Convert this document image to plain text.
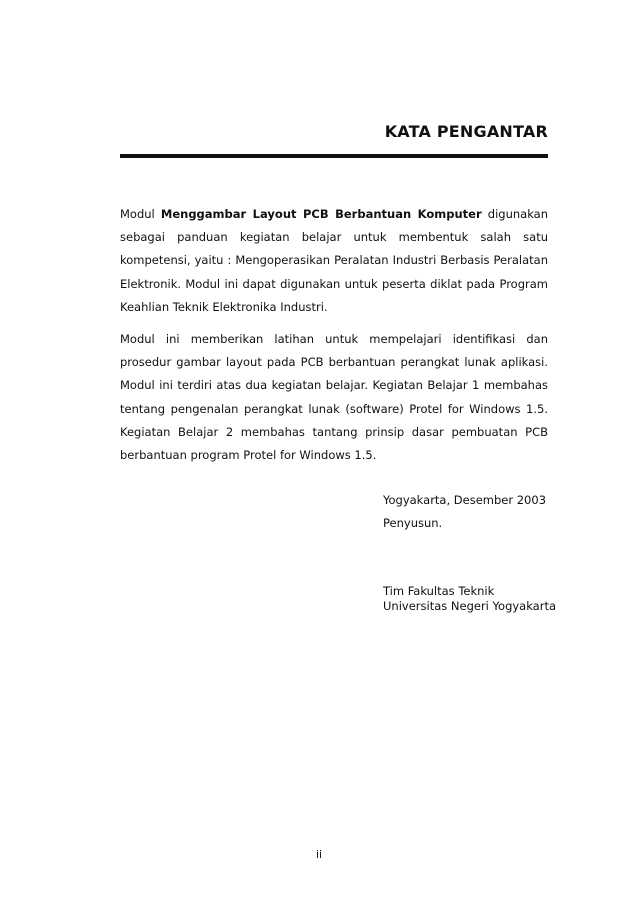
KATA PENGANTAR

Modul Menggambar Layout PCB Berbantuan Komputer digunakan sebagai panduan kegiatan belajar untuk membentuk salah satu kompetensi, yaitu : Mengoperasikan Peralatan Industri Berbasis Peralatan Elektronik. Modul ini dapat digunakan untuk peserta diklat pada Program Keahlian Teknik Elektronika Industri.

Modul ini memberikan latihan untuk mempelajari identifikasi dan prosedur gambar layout pada PCB berbantuan perangkat lunak aplikasi. Modul ini terdiri atas dua kegiatan belajar. Kegiatan Belajar 1 membahas tentang pengenalan perangkat lunak (software) Protel for Windows 1.5. Kegiatan Belajar 2 membahas tantang prinsip dasar pembuatan PCB berbantuan program Protel for Windows 1.5.

Yogyakarta, Desember 2003
Penyusun.
Tim Fakultas Teknik
Universitas Negeri Yogyakarta
ii
